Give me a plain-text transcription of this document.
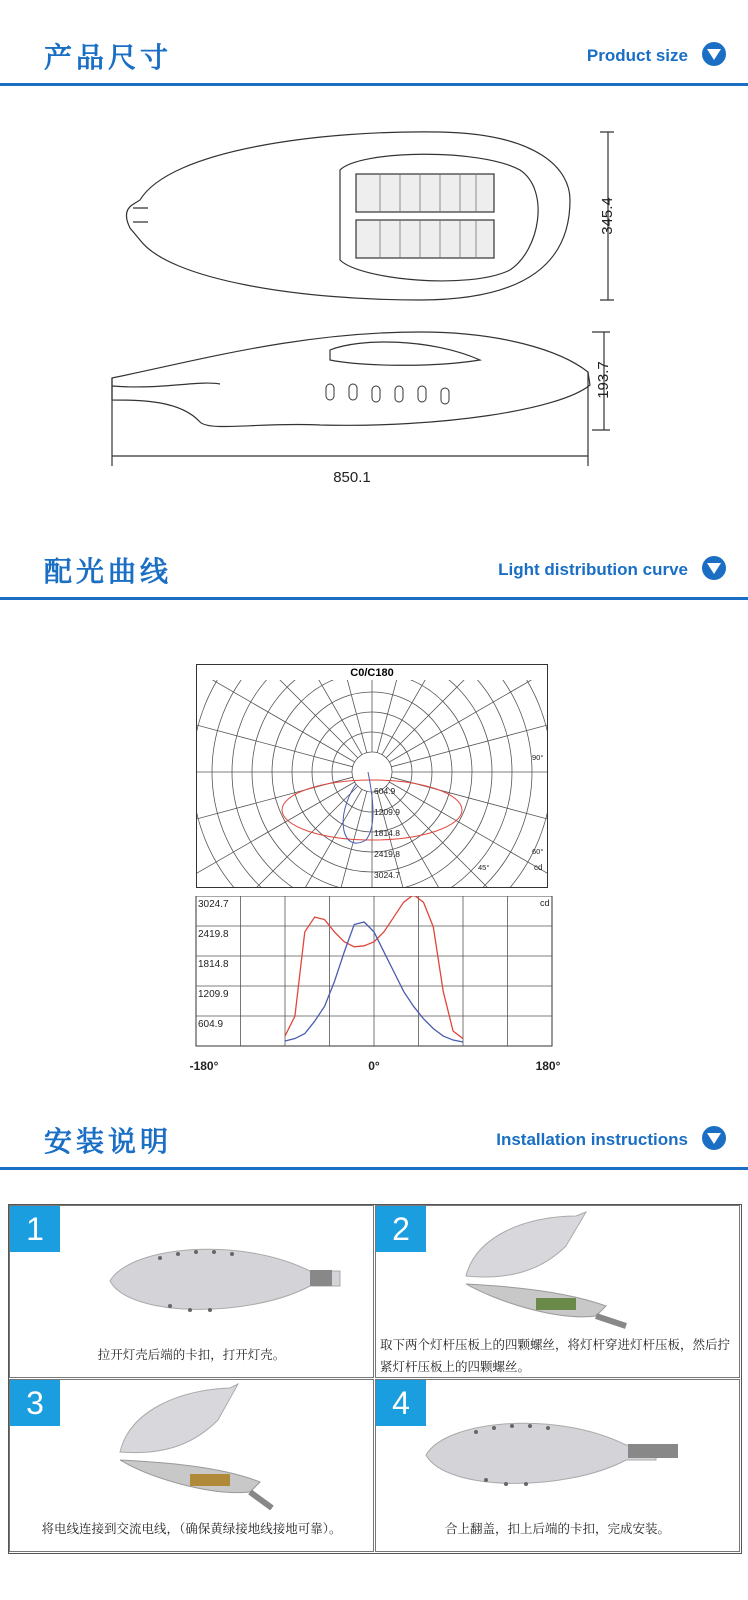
产品尺寸	Product size
345.4
193.7
850.1
配光曲线	Light distribution curve
C0/C180
604.9
1209.9
1814.8
2419.8
3024.7
90°
60°
45°	cd
3024.7
2419.8
1814.8
1209.9
604.9
cd
-180°	0°	180°
安装说明	Installation instructions
1
拉开灯壳后端的卡扣，打开灯壳。
2
取下两个灯杆压板上的四颗螺丝，将灯杆穿进灯杆压板，然后拧紧灯杆压板上的四颗螺丝。
3
将电线连接到交流电线，（确保黄绿接地线接地可靠）。
4
合上翻盖，扣上后端的卡扣，完成安装。
